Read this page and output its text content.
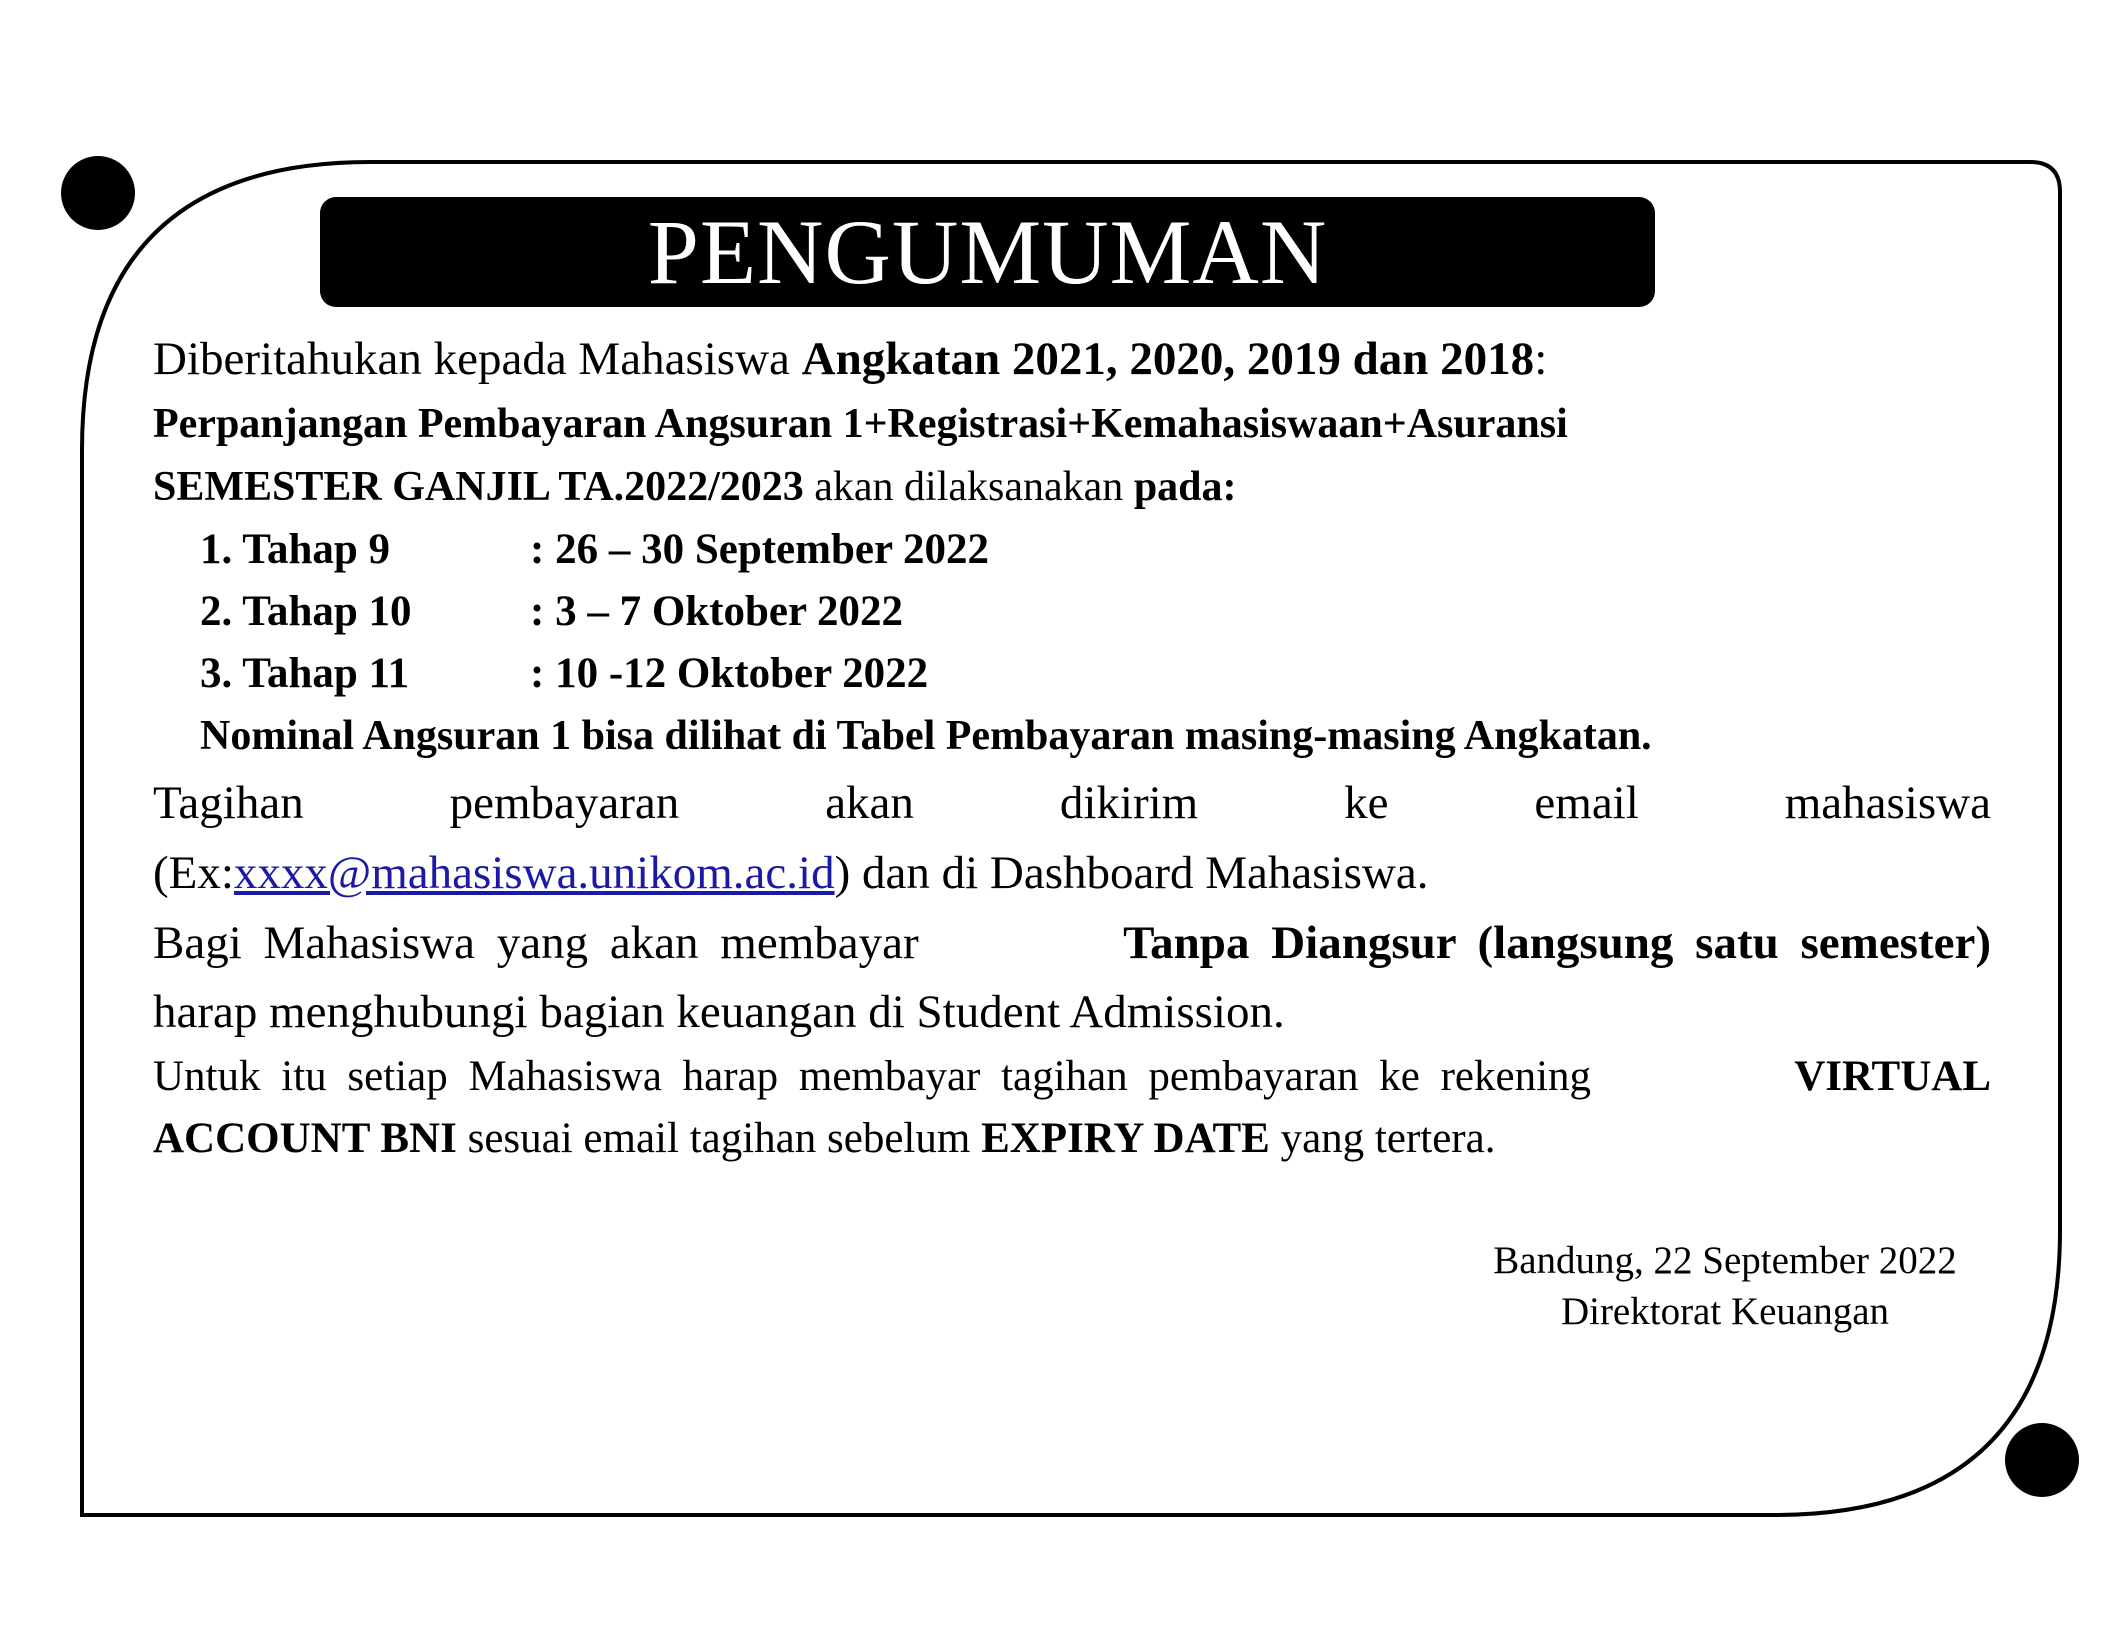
PENGUMUMAN
Diberitahukan kepada Mahasiswa Angkatan 2021, 2020, 2019 dan 2018:
Perpanjangan Pembayaran Angsuran 1+Registrasi+Kemahasiswaan+Asuransi
SEMESTER GANJIL TA.2022/2023 akan dilaksanakan pada:
1. Tahap 9	: 26 – 30 September 2022
2. Tahap 10	: 3 – 7 Oktober 2022
3. Tahap 11	: 10 -12 Oktober 2022
Nominal Angsuran 1 bisa dilihat di Tabel Pembayaran masing-masing Angkatan.
Tagihan	pembayaran	akan	dikirim	ke	email	mahasiswa
(Ex:xxxx@mahasiswa.unikom.ac.id) dan di Dashboard Mahasiswa.
Bagi Mahasiswa yang akan membayar	Tanpa Diangsur (langsung satu semester)
harap menghubungi bagian keuangan di Student Admission.
Untuk itu setiap Mahasiswa harap membayar tagihan pembayaran ke rekening	VIRTUAL
ACCOUNT BNI sesuai email tagihan sebelum EXPIRY DATE yang tertera.
Bandung, 22 September 2022
Direktorat Keuangan
